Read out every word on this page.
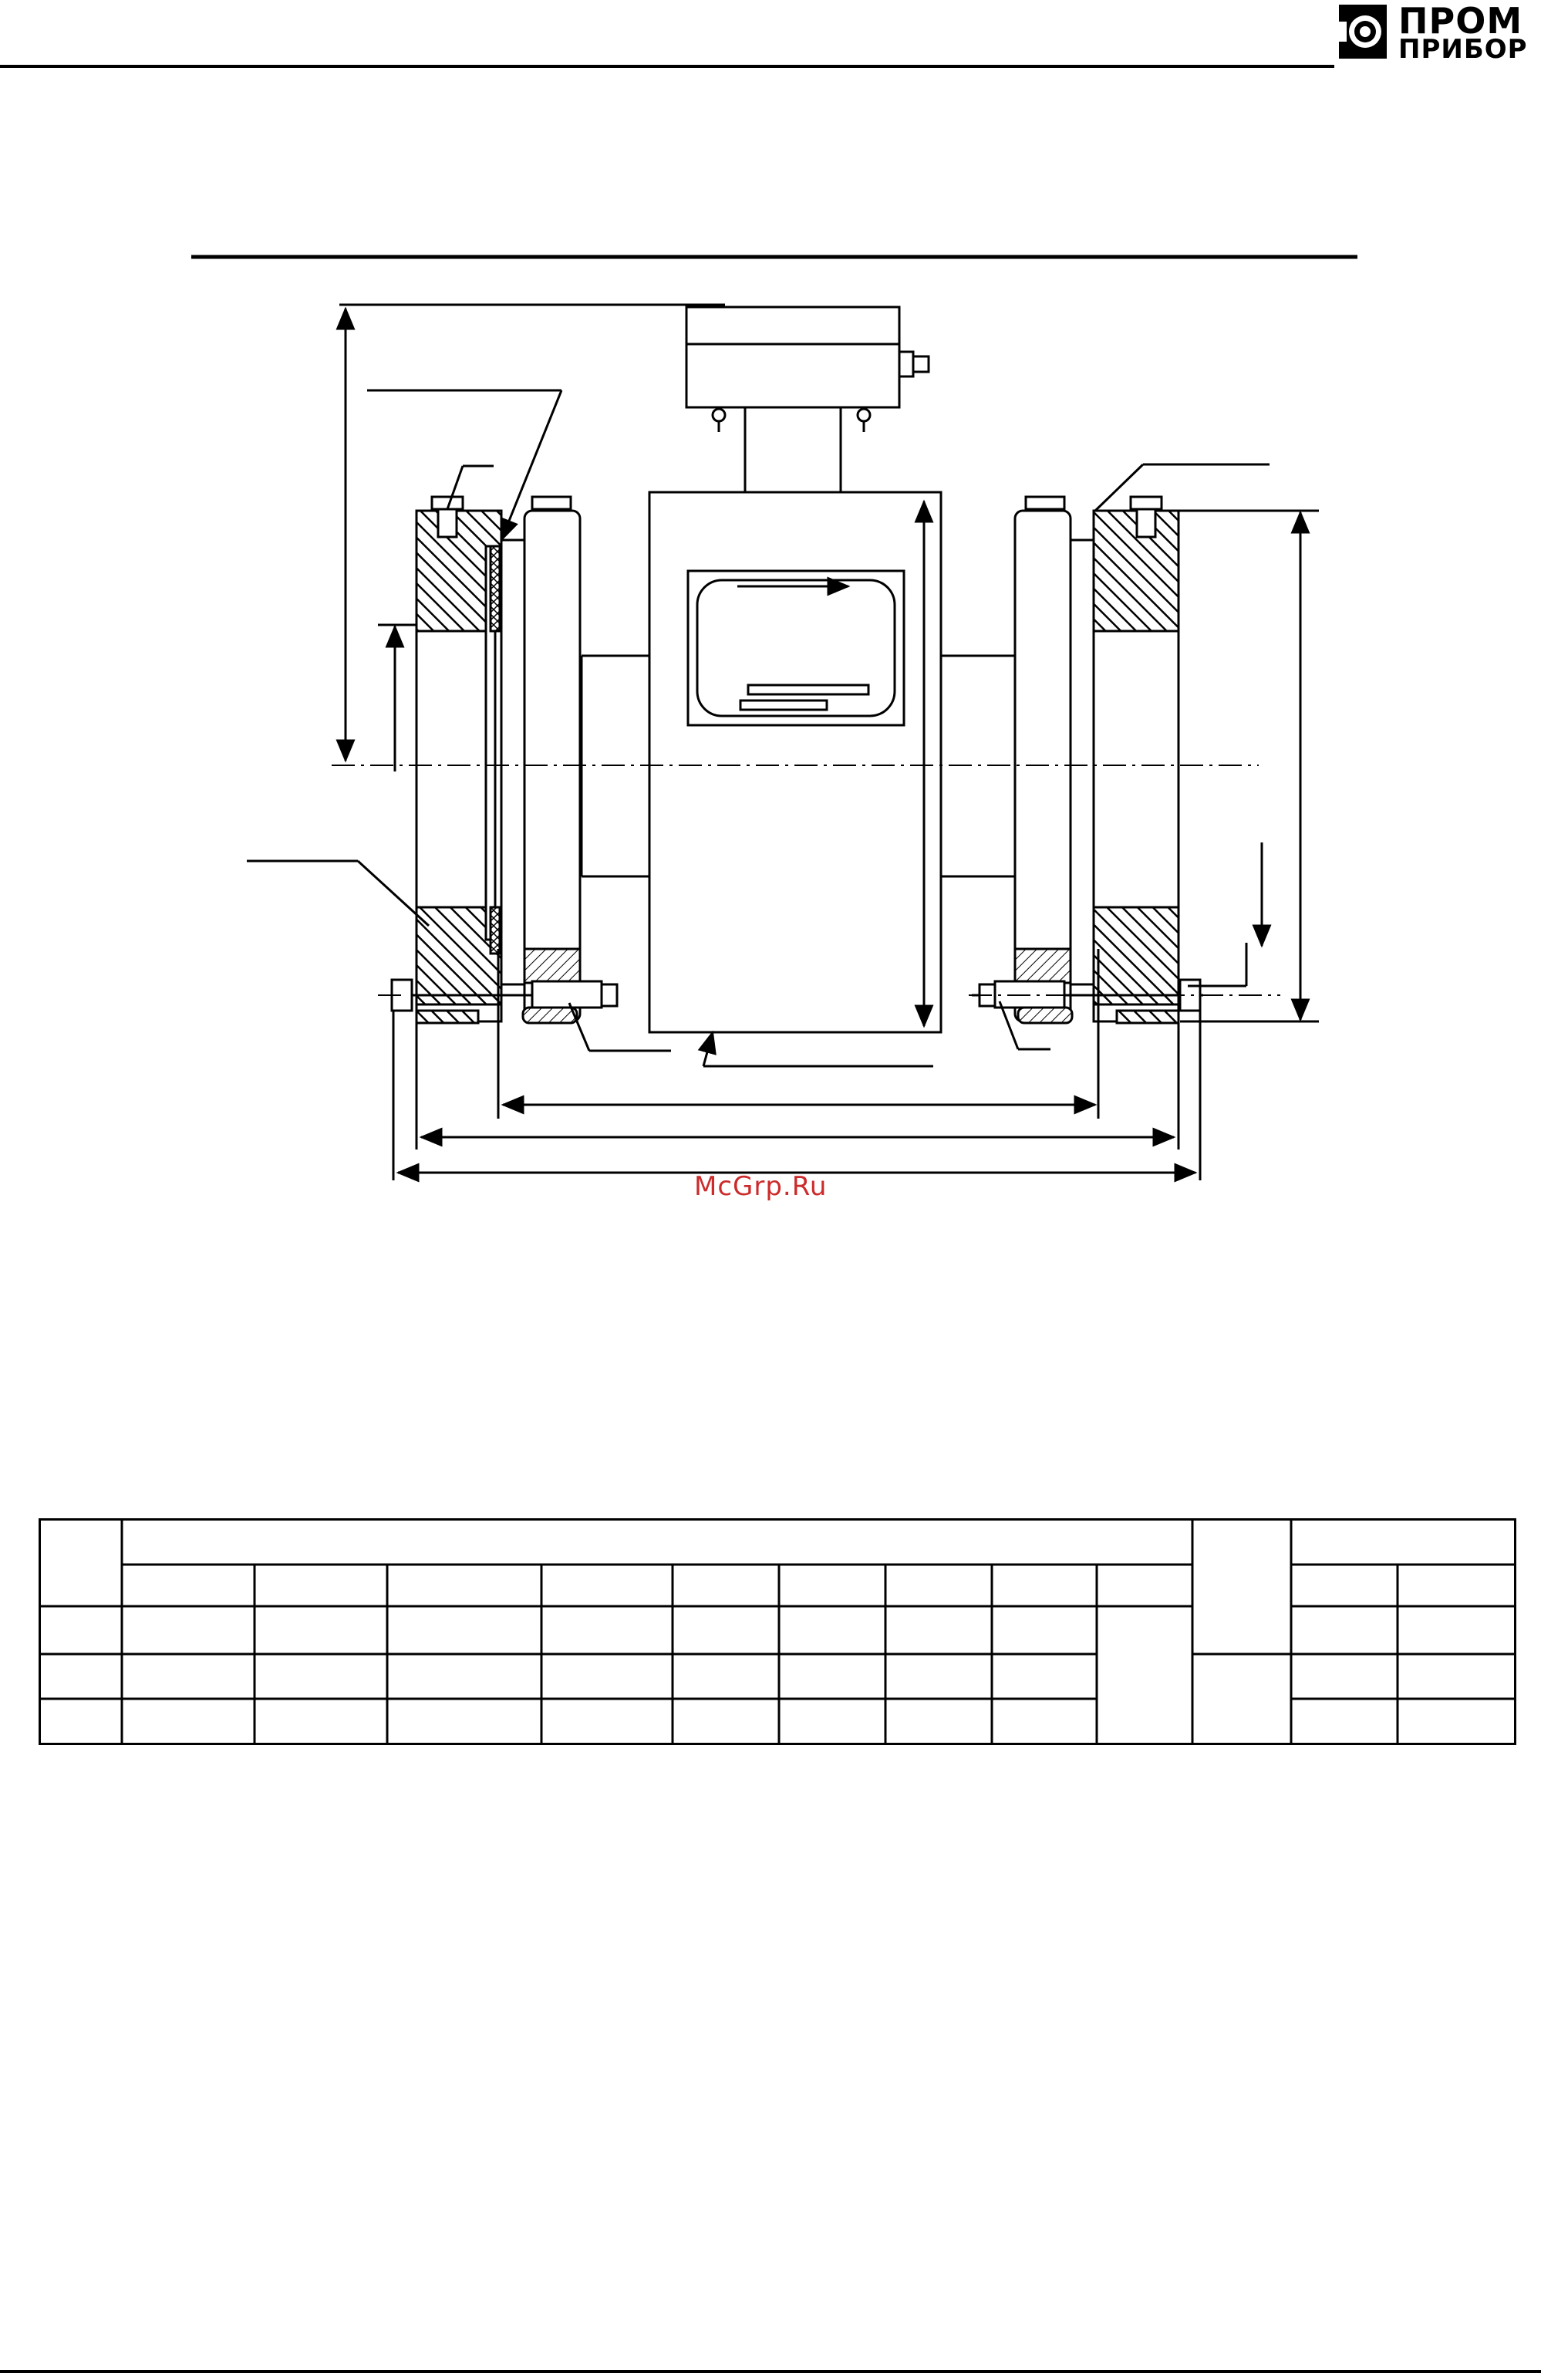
ПРОМ
ПРИБОР
McGrp.Ru
